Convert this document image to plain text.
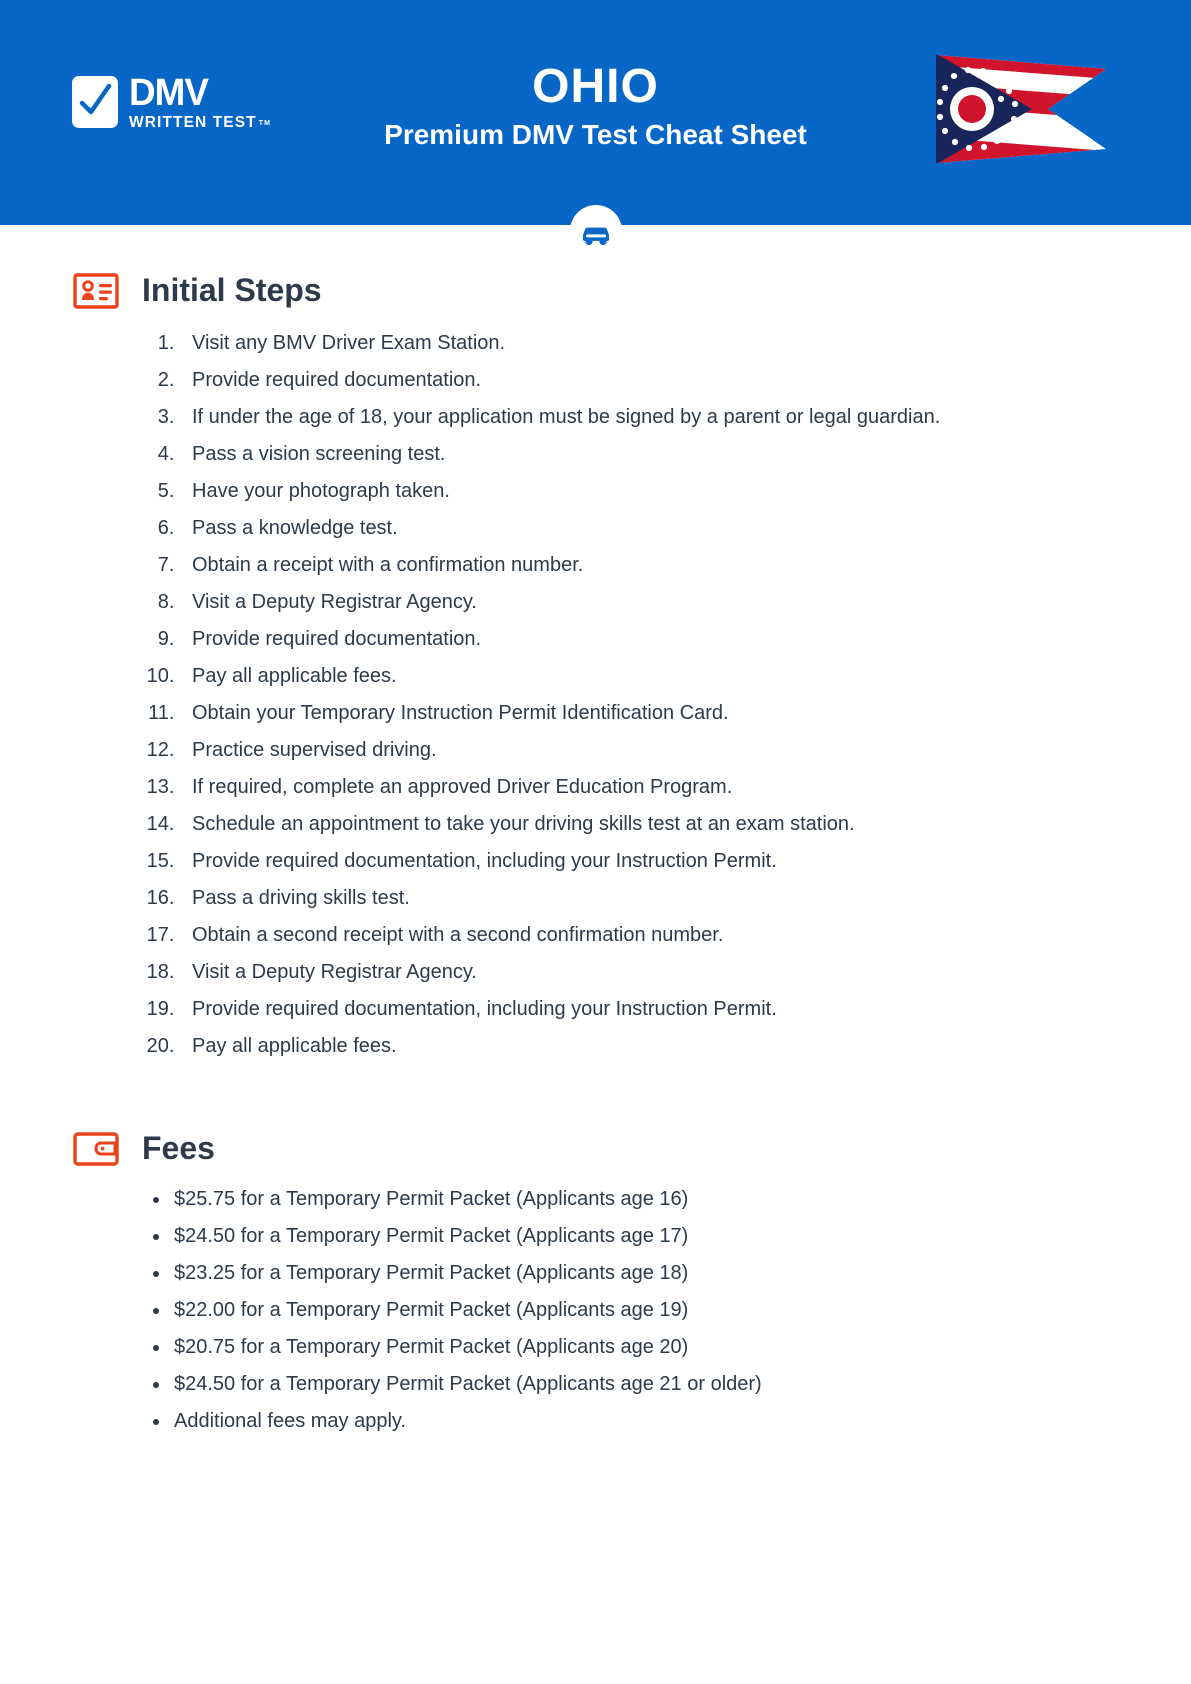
DMV
WRITTEN TEST TM
OHIO
Premium DMV Test Cheat Sheet
Initial Steps
1. Visit any BMV Driver Exam Station.
2. Provide required documentation.
3. If under the age of 18, your application must be signed by a parent or legal guardian.
4. Pass a vision screening test.
5. Have your photograph taken.
6. Pass a knowledge test.
7. Obtain a receipt with a confirmation number.
8. Visit a Deputy Registrar Agency.
9. Provide required documentation.
10. Pay all applicable fees.
11. Obtain your Temporary Instruction Permit Identification Card.
12. Practice supervised driving.
13. If required, complete an approved Driver Education Program.
14. Schedule an appointment to take your driving skills test at an exam station.
15. Provide required documentation, including your Instruction Permit.
16. Pass a driving skills test.
17. Obtain a second receipt with a second confirmation number.
18. Visit a Deputy Registrar Agency.
19. Provide required documentation, including your Instruction Permit.
20. Pay all applicable fees.
Fees
$25.75 for a Temporary Permit Packet (Applicants age 16)
$24.50 for a Temporary Permit Packet (Applicants age 17)
$23.25 for a Temporary Permit Packet (Applicants age 18)
$22.00 for a Temporary Permit Packet (Applicants age 19)
$20.75 for a Temporary Permit Packet (Applicants age 20)
$24.50 for a Temporary Permit Packet (Applicants age 21 or older)
Additional fees may apply.
